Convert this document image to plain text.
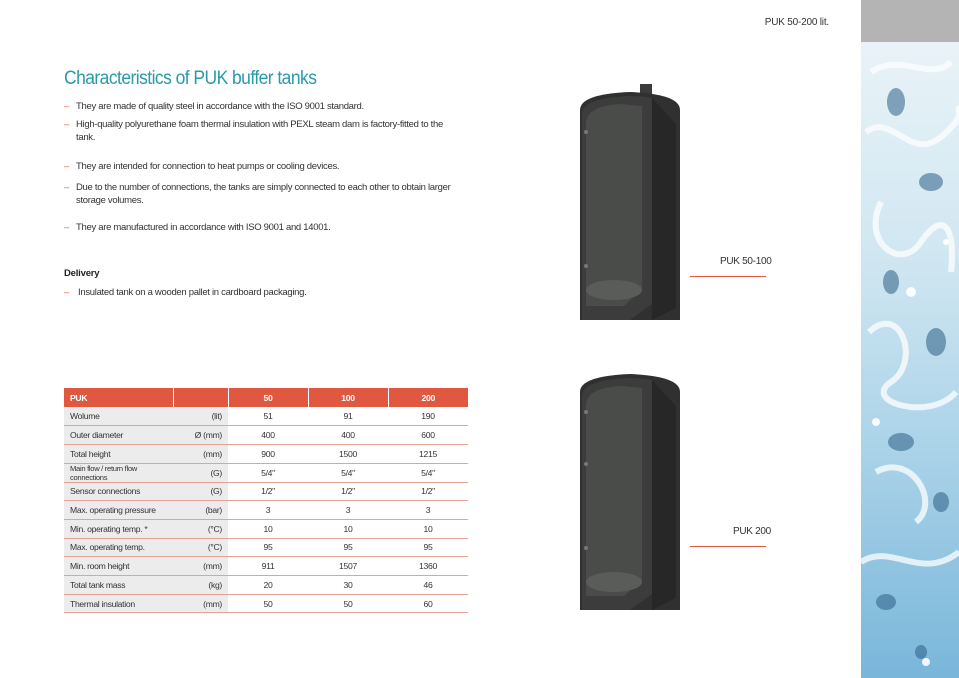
PUK 50-200 lit.
Characteristics of PUK buffer tanks
– They are made of quality steel in accordance with the ISO 9001 standard.
– High-quality polyurethane foam thermal insulation with PEXL steam dam is factory-fitted to the tank.
– They are intended for connection to heat pumps or cooling devices.
– Due to the number of connections, the tanks are simply connected to each other to obtain larger storage volumes.
– They are manufactured in accordance with ISO 9001 and 14001.
Delivery
– Insulated tank on a wooden pallet in cardboard packaging.
PUK		50	100	200
Wolume	(lit)	51	91	190
Outer diameter	Ø (mm)	400	400	600
Total height	(mm)	900	1500	1215
Main flow / return flow connections	(G)	5/4"	5/4"	5/4"
Sensor connections	(G)	1/2"	1/2"	1/2"
Max. operating pressure	(bar)	3	3	3
Min. operating temp. *	(°C)	10	10	10
Max. operating temp.	(°C)	95	95	95
Min. room height	(mm)	911	1507	1360
Total tank mass	(kg)	20	30	46
Thermal insulation	(mm)	50	50	60
PUK 50-100
PUK 200
